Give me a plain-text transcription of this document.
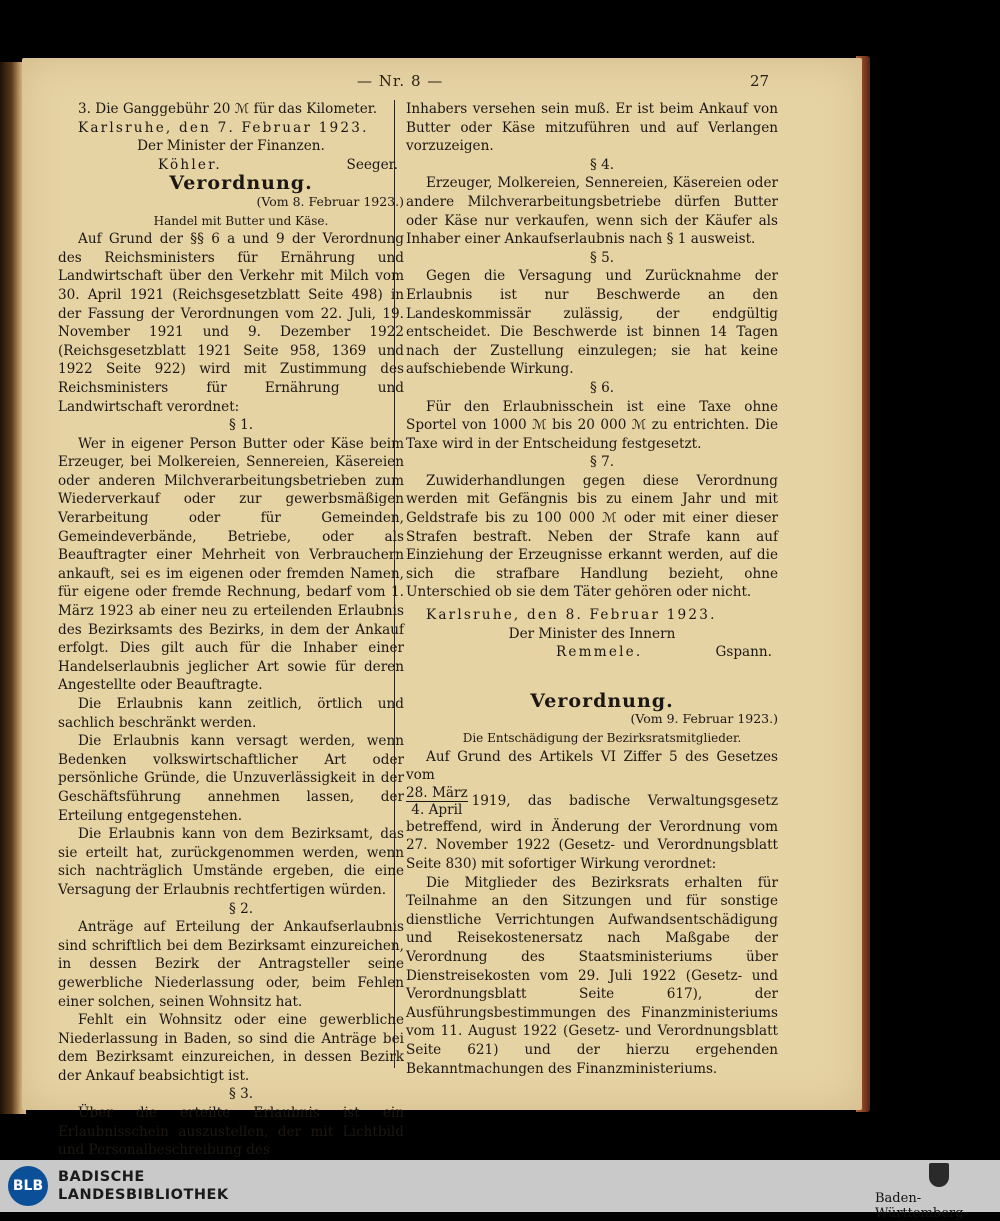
— Nr. 8 —	27

3. Die Ganggebühr 20 ℳ für das Kilometer.

Karlsruhe, den 7. Februar 1923.

Der Minister der Finanzen.

Köhler.	Seeger.

Verordnung.

(Vom 8. Februar 1923.)

Handel mit Butter und Käse.

Auf Grund der §§ 6 a und 9 der Verordnung des Reichsministers für Ernährung und Landwirtschaft über den Verkehr mit Milch vom 30. April 1921 (Reichsgesetzblatt Seite 498) in der Fassung der Verordnungen vom 22. Juli, 19. November 1921 und 9. Dezember 1922 (Reichsgesetzblatt 1921 Seite 958, 1369 und 1922 Seite 922) wird mit Zustimmung des Reichsministers für Ernährung und Landwirtschaft verordnet:

§ 1.

Wer in eigener Person Butter oder Käse beim Erzeuger, bei Molkereien, Sennereien, Käsereien oder anderen Milchverarbeitungsbetrieben zum Wiederverkauf oder zur gewerbsmäßigen Verarbeitung oder für Gemeinden, Gemeindeverbände, Betriebe, oder als Beauftragter einer Mehrheit von Verbrauchern ankauft, sei es im eigenen oder fremden Namen, für eigene oder fremde Rechnung, bedarf vom 1. März 1923 ab einer neu zu erteilenden Erlaubnis des Bezirksamts des Bezirks, in dem der Ankauf erfolgt. Dies gilt auch für die Inhaber einer Handelserlaubnis jeglicher Art sowie für deren Angestellte oder Beauftragte.

Die Erlaubnis kann zeitlich, örtlich und sachlich beschränkt werden.

Die Erlaubnis kann versagt werden, wenn Bedenken volkswirtschaftlicher Art oder persönliche Gründe, die Unzuverlässigkeit in der Geschäftsführung annehmen lassen, der Erteilung entgegenstehen.

Die Erlaubnis kann von dem Bezirksamt, das sie erteilt hat, zurückgenommen werden, wenn sich nachträglich Umstände ergeben, die eine Versagung der Erlaubnis rechtfertigen würden.

§ 2.

Anträge auf Erteilung der Ankaufserlaubnis sind schriftlich bei dem Bezirksamt einzureichen, in dessen Bezirk der Antragsteller seine gewerbliche Niederlassung oder, beim Fehlen einer solchen, seinen Wohnsitz hat.

Fehlt ein Wohnsitz oder eine gewerbliche Niederlassung in Baden, so sind die Anträge bei dem Bezirksamt einzureichen, in dessen Bezirk der Ankauf beabsichtigt ist.

§ 3.

Über die erteilte Erlaubnis ist ein Erlaubnisschein auszustellen, der mit Lichtbild und Personalbeschreibung des

Inhabers versehen sein muß. Er ist beim Ankauf von Butter oder Käse mitzuführen und auf Verlangen vorzuzeigen.

§ 4.

Erzeuger, Molkereien, Sennereien, Käsereien oder andere Milchverarbeitungsbetriebe dürfen Butter oder Käse nur verkaufen, wenn sich der Käufer als Inhaber einer Ankaufserlaubnis nach § 1 ausweist.

§ 5.

Gegen die Versagung und Zurücknahme der Erlaubnis ist nur Beschwerde an den Landeskommissär zulässig, der endgültig entscheidet. Die Beschwerde ist binnen 14 Tagen nach der Zustellung einzulegen; sie hat keine aufschiebende Wirkung.

§ 6.

Für den Erlaubnisschein ist eine Taxe ohne Sportel von 1000 ℳ bis 20 000 ℳ zu entrichten. Die Taxe wird in der Entscheidung festgesetzt.

§ 7.

Zuwiderhandlungen gegen diese Verordnung werden mit Gefängnis bis zu einem Jahr und mit Geldstrafe bis zu 100 000 ℳ oder mit einer dieser Strafen bestraft. Neben der Strafe kann auf Einziehung der Erzeugnisse erkannt werden, auf die sich die strafbare Handlung bezieht, ohne Unterschied ob sie dem Täter gehören oder nicht.

Karlsruhe, den 8. Februar 1923.

Der Minister des Innern

Remmele.	Gspann.

Verordnung.

(Vom 9. Februar 1923.)

Die Entschädigung der Bezirksratsmitglieder.

Auf Grund des Artikels VI Ziffer 5 des Gesetzes vom

$\frac{\text{28. März}}{\text{4. April}} 1919$, das badische Verwaltungsgesetz betreffend, wird in Änderung der Verordnung vom 27. November 1922 (Gesetz- und Verordnungsblatt Seite 830) mit sofortiger Wirkung verordnet:

Die Mitglieder des Bezirksrats erhalten für Teilnahme an den Sitzungen und für sonstige dienstliche Verrichtungen Aufwandsentschädigung und Reisekostenersatz nach Maßgabe der Verordnung des Staatsministeriums über Dienstreisekosten vom 29. Juli 1922 (Gesetz- und Verordnungsblatt Seite 617), der Ausführungsbestimmungen des Finanzministeriums vom 11. August 1922 (Gesetz- und Verordnungsblatt Seite 621) und der hierzu ergehenden Bekanntmachungen des Finanzministeriums.

BLB
BADISCHE
LANDESBIBLIOTHEK	Baden-Württemberg
